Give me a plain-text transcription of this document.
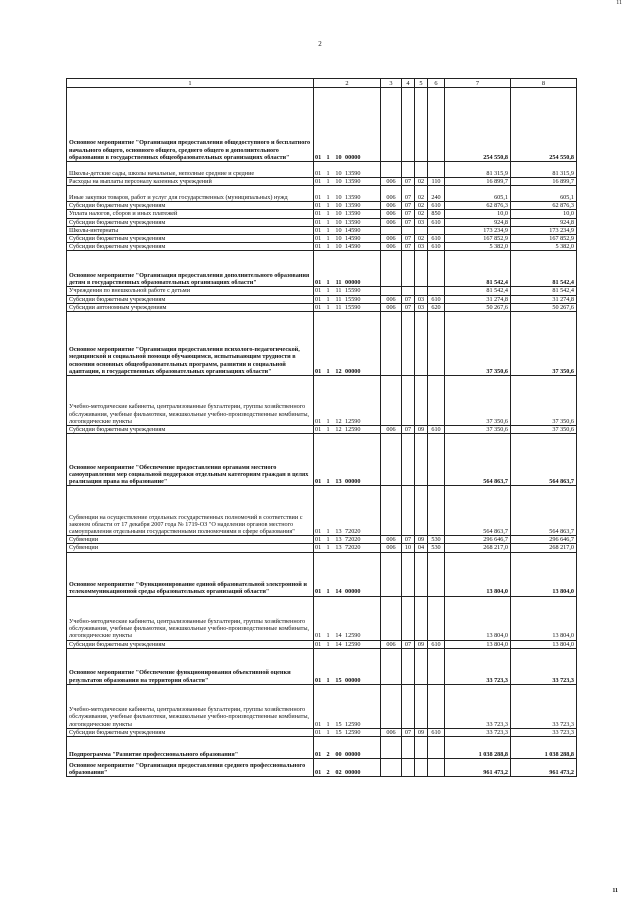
11
2
1	2	3	4	5	6	7	8
Основное мероприятие "Организация предоставления общедоступного и бесплатного начального общего, основного общего, среднего общего и дополнительного образования в государственных общеобразовательных организациях области"	01 1 10 00000					254 550,8	254 550,8
Школы-детские сады, школы начальные, неполные средние и средние	01 1 10 13590					81 315,9	81 315,9
Расходы на выплаты персоналу казенных учреждений	01 1 10 13590	006	07	02	110	16 899,7	16 899,7
Иные закупки товаров, работ и услуг для государственных (муниципальных) нужд	01 1 10 13590	006	07	02	240	605,1	605,1
Субсидии бюджетным учреждениям	01 1 10 13590	006	07	02	610	62 876,3	62 876,3
Уплата налогов, сборов и иных платежей	01 1 10 13590	006	07	02	850	10,0	10,0
Субсидии бюджетным учреждениям	01 1 10 13590	006	07	03	610	924,8	924,8
Школы-интернаты	01 1 10 14590					173 234,9	173 234,9
Субсидии бюджетным учреждениям	01 1 10 14590	006	07	02	610	167 852,9	167 852,9
Субсидии бюджетным учреждениям	01 1 10 14590	006	07	03	610	5 382,0	5 382,0
Основное мероприятие "Организация предоставления дополнительного образования детям в государственных образовательных организациях области"	01 1 11 00000					81 542,4	81 542,4
Учреждения по внешкольной работе с детьми	01 1 11 15590					81 542,4	81 542,4
Субсидии бюджетным учреждениям	01 1 11 15590	006	07	03	610	31 274,8	31 274,8
Субсидии автономным учреждениям	01 1 11 15590	006	07	03	620	50 267,6	50 267,6
Основное мероприятие "Организация предоставления психолого-педагогической, медицинской и социальной помощи обучающимся, испытывающим трудности в освоении основных общеобразовательных программ, развитии и социальной адаптации, в государственных образовательных организациях области"	01 1 12 00000					37 350,6	37 350,6
Учебно-методические кабинеты, централизованные бухгалтерии, группы хозяйственного обслуживания, учебные фильмотеки, межшкольные учебно-производственные комбинаты, логопедические пункты	01 1 12 12590					37 350,6	37 350,6
Субсидии бюджетным учреждениям	01 1 12 12590	006	07	09	610	37 350,6	37 350,6
Основное мероприятие "Обеспечение предоставления органами местного самоуправления мер социальной поддержки отдельным категориям граждан в целях реализации права на образование"	01 1 13 00000					564 863,7	564 863,7
Субвенции на осуществление отдельных государственных полномочий в соответствии с законом области от 17 декабря 2007 года № 1719-ОЗ "О наделении органов местного самоуправления отдельными государственными полномочиями в сфере образования"	01 1 13 72020					564 863,7	564 863,7
Субвенции	01 1 13 72020	006	07	09	530	296 646,7	296 646,7
Субвенции	01 1 13 72020	006	10	04	530	268 217,0	268 217,0
Основное мероприятие "Функционирование единой образовательной электронной и телекоммуникационной среды образовательных организаций области"	01 1 14 00000					13 804,0	13 804,0
Учебно-методические кабинеты, централизованные бухгалтерии, группы хозяйственного обслуживания, учебные фильмотеки, межшкольные учебно-производственные комбинаты, логопедические пункты	01 1 14 12590					13 804,0	13 804,0
Субсидии бюджетным учреждениям	01 1 14 12590	006	07	09	610	13 804,0	13 804,0
Основное мероприятие "Обеспечение функционирования объективной оценки результатов образования на территории области"	01 1 15 00000					33 723,3	33 723,3
Учебно-методические кабинеты, централизованные бухгалтерии, группы хозяйственного обслуживания, учебные фильмотеки, межшкольные учебно-производственные комбинаты, логопедические пункты	01 1 15 12590					33 723,3	33 723,3
Субсидии бюджетным учреждениям	01 1 15 12590	006	07	09	610	33 723,3	33 723,3
Подпрограмма "Развитие профессионального образования"	01 2 00 00000					1 038 288,8	1 038 288,8
Основное мероприятие "Организация предоставления среднего профессионального образования"	01 2 02 00000					961 473,2	961 473,2
11
